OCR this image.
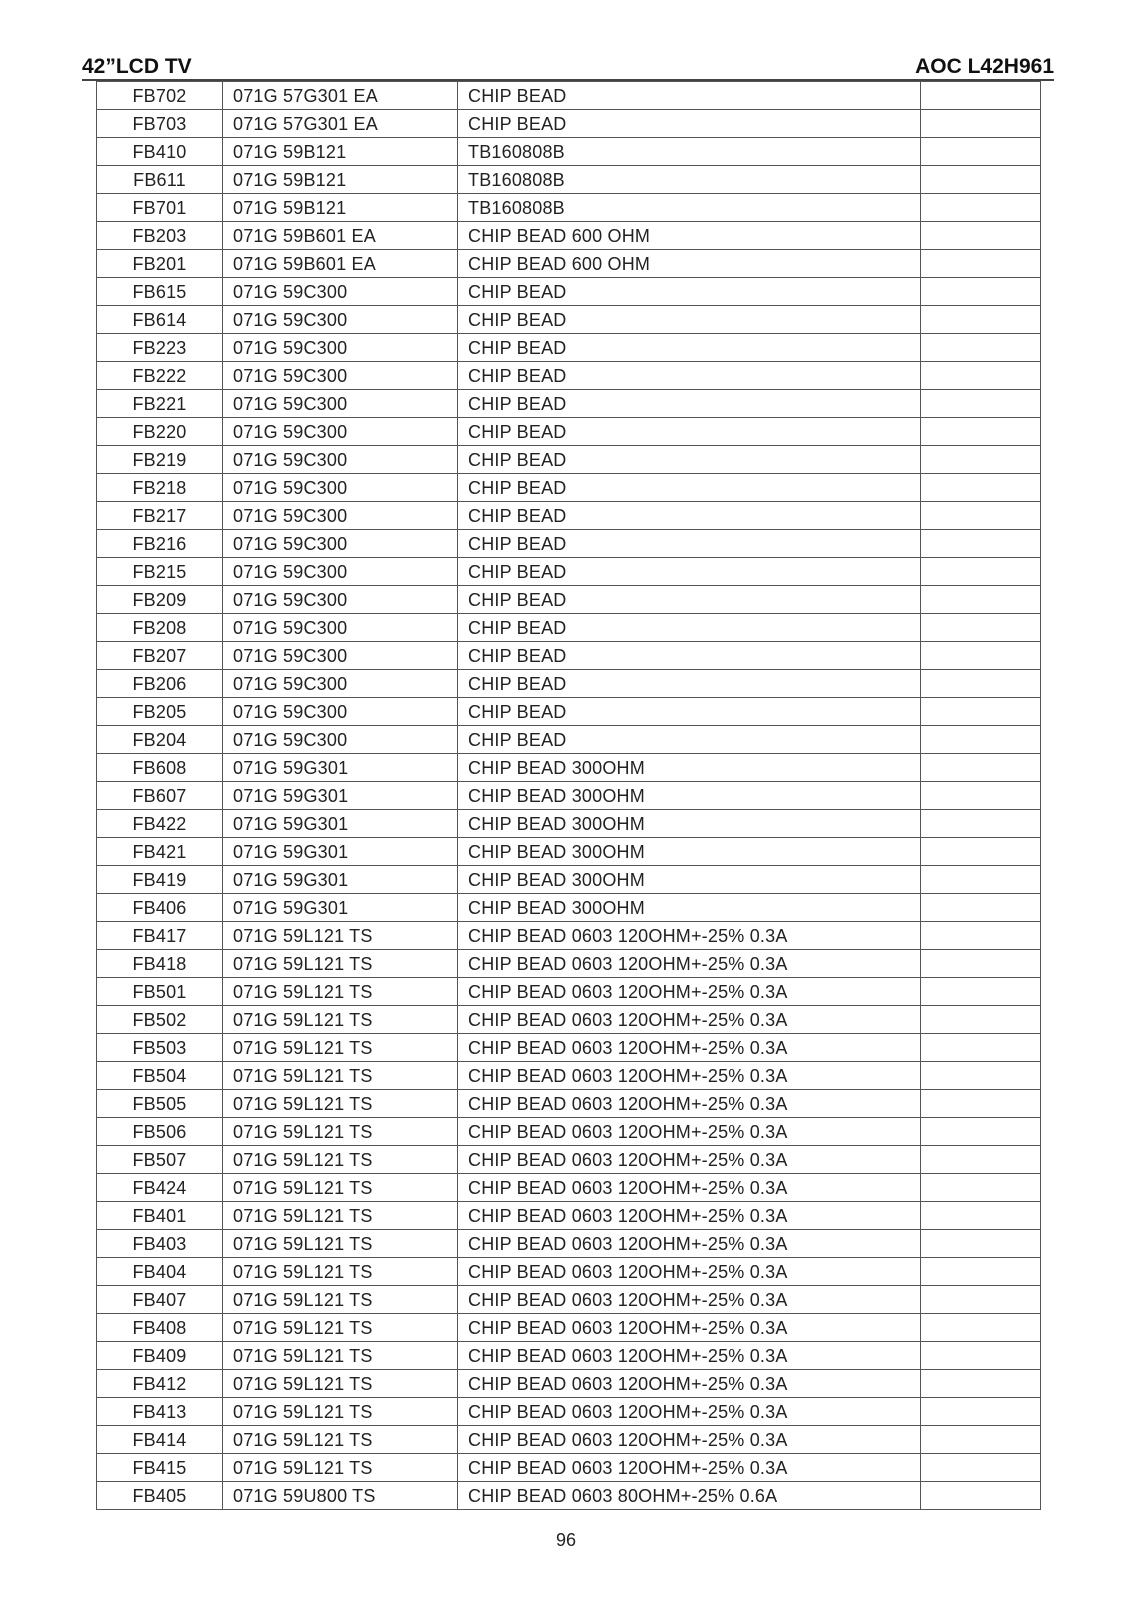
42”LCD TV	AOC L42H961
FB702	071G 57G301 EA	CHIP BEAD	
FB703	071G 57G301 EA	CHIP BEAD	
FB410	071G 59B121	TB160808B	
FB611	071G 59B121	TB160808B	
FB701	071G 59B121	TB160808B	
FB203	071G 59B601 EA	CHIP BEAD 600 OHM	
FB201	071G 59B601 EA	CHIP BEAD 600 OHM	
FB615	071G 59C300	CHIP BEAD	
FB614	071G 59C300	CHIP BEAD	
FB223	071G 59C300	CHIP BEAD	
FB222	071G 59C300	CHIP BEAD	
FB221	071G 59C300	CHIP BEAD	
FB220	071G 59C300	CHIP BEAD	
FB219	071G 59C300	CHIP BEAD	
FB218	071G 59C300	CHIP BEAD	
FB217	071G 59C300	CHIP BEAD	
FB216	071G 59C300	CHIP BEAD	
FB215	071G 59C300	CHIP BEAD	
FB209	071G 59C300	CHIP BEAD	
FB208	071G 59C300	CHIP BEAD	
FB207	071G 59C300	CHIP BEAD	
FB206	071G 59C300	CHIP BEAD	
FB205	071G 59C300	CHIP BEAD	
FB204	071G 59C300	CHIP BEAD	
FB608	071G 59G301	CHIP BEAD 300OHM	
FB607	071G 59G301	CHIP BEAD 300OHM	
FB422	071G 59G301	CHIP BEAD 300OHM	
FB421	071G 59G301	CHIP BEAD 300OHM	
FB419	071G 59G301	CHIP BEAD 300OHM	
FB406	071G 59G301	CHIP BEAD 300OHM	
FB417	071G 59L121 TS	CHIP BEAD 0603 120OHM+-25% 0.3A	
FB418	071G 59L121 TS	CHIP BEAD 0603 120OHM+-25% 0.3A	
FB501	071G 59L121 TS	CHIP BEAD 0603 120OHM+-25% 0.3A	
FB502	071G 59L121 TS	CHIP BEAD 0603 120OHM+-25% 0.3A	
FB503	071G 59L121 TS	CHIP BEAD 0603 120OHM+-25% 0.3A	
FB504	071G 59L121 TS	CHIP BEAD 0603 120OHM+-25% 0.3A	
FB505	071G 59L121 TS	CHIP BEAD 0603 120OHM+-25% 0.3A	
FB506	071G 59L121 TS	CHIP BEAD 0603 120OHM+-25% 0.3A	
FB507	071G 59L121 TS	CHIP BEAD 0603 120OHM+-25% 0.3A	
FB424	071G 59L121 TS	CHIP BEAD 0603 120OHM+-25% 0.3A	
FB401	071G 59L121 TS	CHIP BEAD 0603 120OHM+-25% 0.3A	
FB403	071G 59L121 TS	CHIP BEAD 0603 120OHM+-25% 0.3A	
FB404	071G 59L121 TS	CHIP BEAD 0603 120OHM+-25% 0.3A	
FB407	071G 59L121 TS	CHIP BEAD 0603 120OHM+-25% 0.3A	
FB408	071G 59L121 TS	CHIP BEAD 0603 120OHM+-25% 0.3A	
FB409	071G 59L121 TS	CHIP BEAD 0603 120OHM+-25% 0.3A	
FB412	071G 59L121 TS	CHIP BEAD 0603 120OHM+-25% 0.3A	
FB413	071G 59L121 TS	CHIP BEAD 0603 120OHM+-25% 0.3A	
FB414	071G 59L121 TS	CHIP BEAD 0603 120OHM+-25% 0.3A	
FB415	071G 59L121 TS	CHIP BEAD 0603 120OHM+-25% 0.3A	
FB405	071G 59U800 TS	CHIP BEAD 0603 80OHM+-25% 0.6A	
96
